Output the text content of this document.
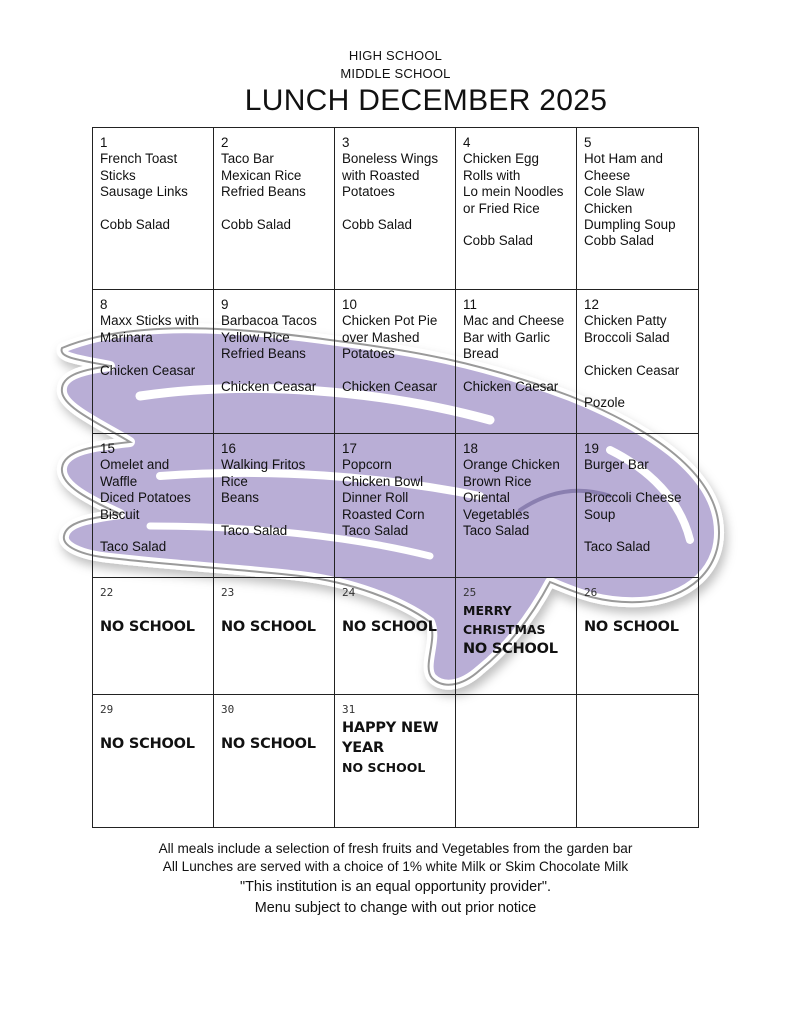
HIGH SCHOOL
MIDDLE SCHOOL
LUNCH DECEMBER 2025
1
French Toast
Sticks
Sausage Links
Cobb Salad
2
Taco Bar
Mexican Rice
Refried Beans
Cobb Salad
3
Boneless Wings
with Roasted
Potatoes
Cobb Salad
4
Chicken Egg
Rolls with
Lo mein Noodles
or Fried Rice
Cobb Salad
5
Hot Ham and
Cheese
Cole Slaw
Chicken
Dumpling Soup
Cobb Salad
8
Maxx Sticks with
Marinara
Chicken Ceasar
9
Barbacoa Tacos
Yellow Rice
Refried Beans
Chicken Ceasar
10
Chicken Pot Pie
over Mashed
Potatoes
Chicken Ceasar
11
Mac and Cheese
Bar with Garlic
Bread
Chicken Caesar
12
Chicken Patty
Broccoli Salad
Chicken Ceasar
Pozole
15
Omelet and
Waffle
Diced Potatoes
Biscuit
Taco Salad
16
Walking Fritos
Rice
Beans
Taco Salad
17
Popcorn
Chicken Bowl
Dinner Roll
Roasted Corn
Taco Salad
18
Orange Chicken
Brown Rice
Oriental
Vegetables
Taco Salad
19
Burger Bar
Broccoli Cheese
Soup
Taco Salad
22
NO SCHOOL
23
NO SCHOOL
24
NO SCHOOL
25
MERRY
CHRISTMAS
NO SCHOOL
26
NO SCHOOL
29
NO SCHOOL
30
NO SCHOOL
31
HAPPY NEW
YEAR
NO SCHOOL
All meals include a selection of fresh fruits and Vegetables from the garden bar
All Lunches are served with a choice of 1% white Milk or Skim Chocolate Milk
"This institution is an equal opportunity provider".
Menu subject to change with out prior notice
